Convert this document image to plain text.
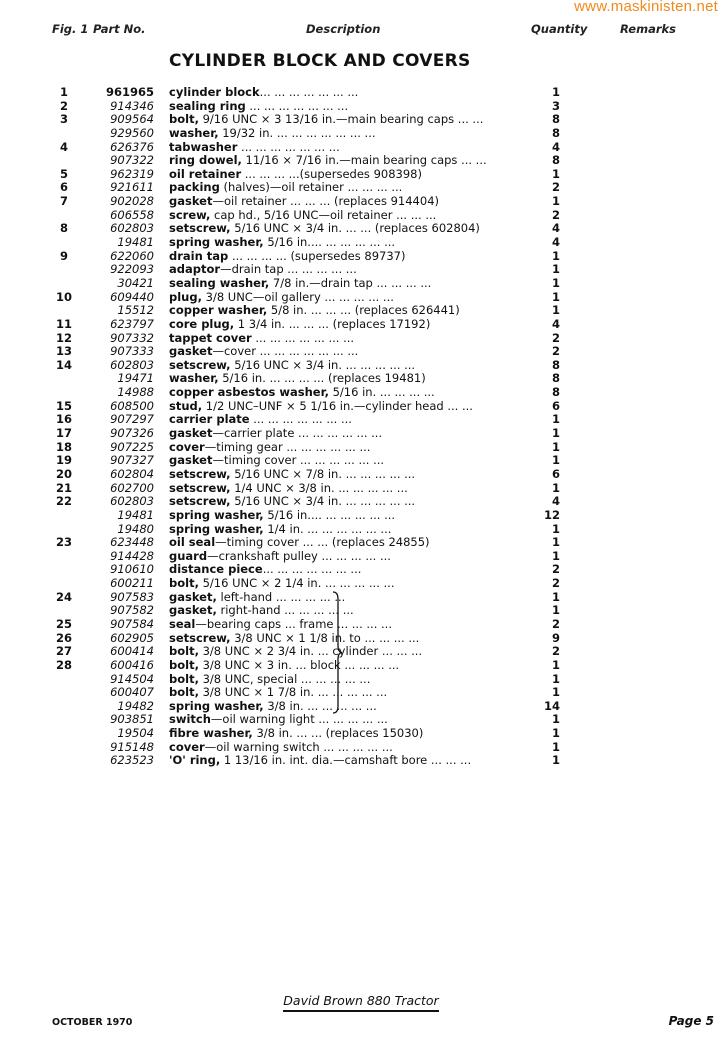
www.maskinisten.net
Fig. 1 Part No.	Description	Quantity	Remarks
CYLINDER BLOCK AND COVERS
1	961965 cylinder block... ... ... ... ... ... ...	1
2	914346 sealing ring ... ... ... ... ... ... ...	3
3	909564 bolt, 9/16 UNC × 3 13/16 in.—main bearing caps ... ...	8
929560 washer, 19/32 in. ... ... ... ... ... ... ...	8
4	626376 tabwasher ... ... ... ... ... ... ...	4
907322 ring dowel, 11/16 × 7/16 in.—main bearing caps ... ...	8
5	962319 oil retainer ... ... ... ...(supersedes 908398)	1
6	921611 packing (halves)—oil retainer ... ... ... ...	2
7	902028 gasket—oil retainer ... ... ... (replaces 914404)	1
606558 screw, cap hd., 5/16 UNC—oil retainer ... ... ...	2
8	602803 setscrew, 5/16 UNC × 3/4 in. ... ... (replaces 602804)	4
19481 spring washer, 5/16 in.... ... ... ... ... ...	4
9	622060 drain tap ... ... ... ... (supersedes 89737)	1
922093 adaptor—drain tap ... ... ... ... ...	1
30421 sealing washer, 7/8 in.—drain tap ... ... ... ...	1
10	609440 plug, 3/8 UNC—oil gallery ... ... ... ... ...	1
15512 copper washer, 5/8 in. ... ... ... (replaces 626441)	1
11	623797 core plug, 1 3/4 in. ... ... ... (replaces 17192)	4
12	907332 tappet cover ... ... ... ... ... ... ...	2
13	907333 gasket—cover ... ... ... ... ... ... ...	2
14	602803 setscrew, 5/16 UNC × 3/4 in. ... ... ... ... ...	8
19471 washer, 5/16 in. ... ... ... ... (replaces 19481)	8
14988 copper asbestos washer, 5/16 in. ... ... ... ...	8
15	608500 stud, 1/2 UNC–UNF × 5 1/16 in.—cylinder head ... ...	6
16	907297 carrier plate ... ... ... ... ... ... ...	1
17	907326 gasket—carrier plate ... ... ... ... ... ...	1
18	907225 cover—timing gear ... ... ... ... ... ...	1
19	907327 gasket—timing cover ... ... ... ... ... ...	1
20	602804 setscrew, 5/16 UNC × 7/8 in. ... ... ... ... ...	6
21	602700 setscrew, 1/4 UNC × 3/8 in. ... ... ... ... ...	1
22	602803 setscrew, 5/16 UNC × 3/4 in. ... ... ... ... ...	4
19481 spring washer, 5/16 in.... ... ... ... ... ...	12
19480 spring washer, 1/4 in. ... ... ... ... ... ...	1
23	623448 oil seal—timing cover ... ... (replaces 24855)	1
914428 guard—crankshaft pulley ... ... ... ... ...	1
910610 distance piece... ... ... ... ... ... ...	2
600211 bolt, 5/16 UNC × 2 1/4 in. ... ... ... ... ...	2
24	907583 gasket, left-hand ... ... ... ... ...	1
907582 gasket, right-hand ... ... ... ... ...	1
25	907584 seal—bearing caps ... frame ... ... ... ...	2
26	602905 setscrew, 3/8 UNC × 1 1/8 in. to ... ... ... ...	9
27	600414 bolt, 3/8 UNC × 2 3/4 in. ... cylinder ... ... ...	2
28	600416 bolt, 3/8 UNC × 3 in. ... block ... ... ... ...	1
914504 bolt, 3/8 UNC, special ... ... ... ... ...	1
600407 bolt, 3/8 UNC × 1 7/8 in. ... ... ... ... ...	1
19482 spring washer, 3/8 in. ... ... ... ... ...	14
903851 switch—oil warning light ... ... ... ... ...	1
19504 fibre washer, 3/8 in. ... ... (replaces 15030)	1
915148 cover—oil warning switch ... ... ... ... ...	1
623523 'O' ring, 1 13/16 in. int. dia.—camshaft bore ... ... ...	1
David Brown 880 Tractor
OCTOBER 1970	Page 5
